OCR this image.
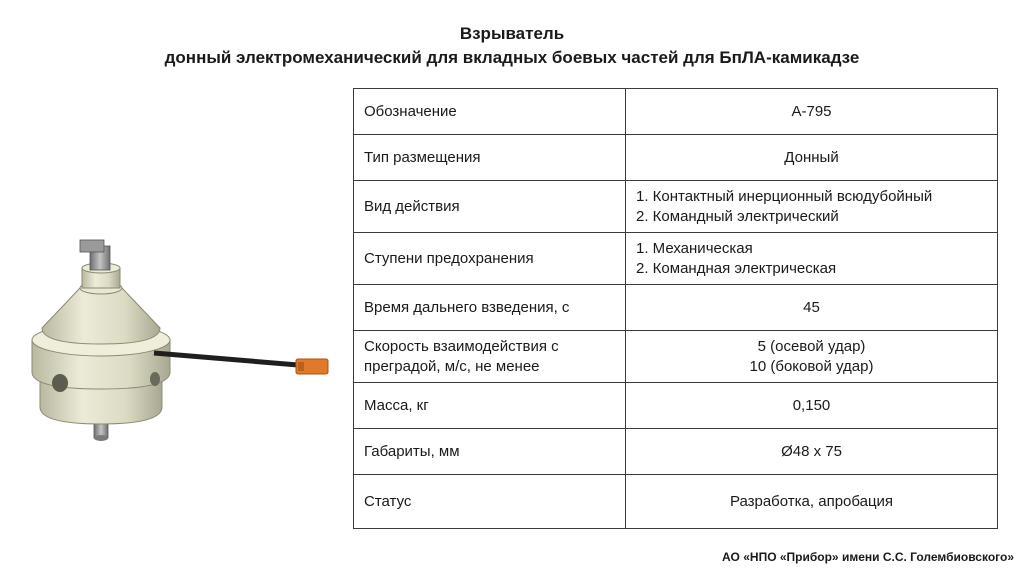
Взрыватель
донный электромеханический для вкладных боевых частей для БпЛА-камикадзе
Обозначение	А-795

Тип размещения	Донный

Вид действия	1. Контактный инерционный всюдубойный
2. Командный электрический

Ступени предохранения	1. Механическая
2. Командная электрическая

Время дальнего взведения, с	45

Скорость взаимодействия с преградой, м/с, не менее	5 (осевой удар)
10 (боковой удар)

Масса, кг	0,150

Габариты, мм	Ø48 х 75

Статус	Разработка, апробация
АО «НПО «Прибор» имени С.С. Голембиовского»
